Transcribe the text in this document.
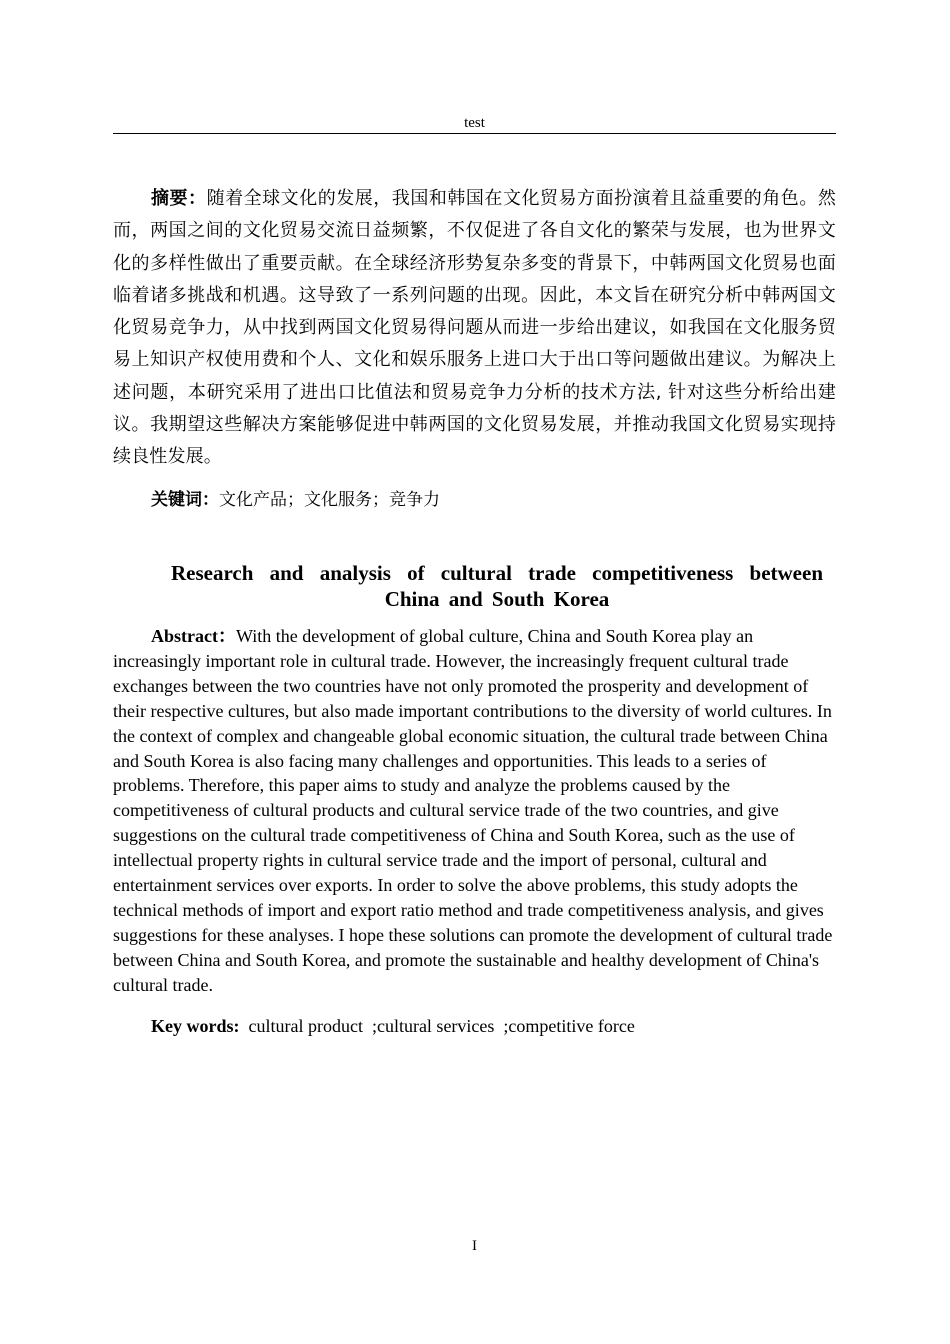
test

摘要：随着全球文化的发展，我国和韩国在文化贸易方面扮演着且益重要的角色。然而，两国之间的文化贸易交流日益频繁，不仅促进了各自文化的繁荣与发展，也为世界文化的多样性做出了重要贡献。在全球经济形势复杂多变的背景下，中韩两国文化贸易也面临着诸多挑战和机遇。这导致了一系列问题的出现。因此，本文旨在研究分析中韩两国文化贸易竞争力，从中找到两国文化贸易得问题从而进一步给出建议，如我国在文化服务贸易上知识产权使用费和个人、文化和娱乐服务上进口大于出口等问题做出建议。为解决上述问题，本研究采用了进出口比值法和贸易竞争力分析的技术方法, 针对这些分析给出建议。我期望这些解决方案能够促进中韩两国的文化贸易发展，并推动我国文化贸易实现持续良性发展。

关键词：文化产品；文化服务；竞争力

Research and analysis of cultural trade competitiveness between China and South Korea

Abstract：With the development of global culture, China and South Korea play an increasingly important role in cultural trade. However, the increasingly frequent cultural trade exchanges between the two countries have not only promoted the prosperity and development of their respective cultures, but also made important contributions to the diversity of world cultures. In the context of complex and changeable global economic situation, the cultural trade between China and South Korea is also facing many challenges and opportunities. This leads to a series of problems. Therefore, this paper aims to study and analyze the problems caused by the competitiveness of cultural products and cultural service trade of the two countries, and give suggestions on the cultural trade competitiveness of China and South Korea, such as the use of intellectual property rights in cultural service trade and the import of personal, cultural and entertainment services over exports. In order to solve the above problems, this study adopts the technical methods of import and export ratio method and trade competitiveness analysis, and gives suggestions for these analyses. I hope these solutions can promote the development of cultural trade between China and South Korea, and promote the sustainable and healthy development of China's cultural trade.

Key words:  cultural product  ;cultural services  ;competitive force

I
